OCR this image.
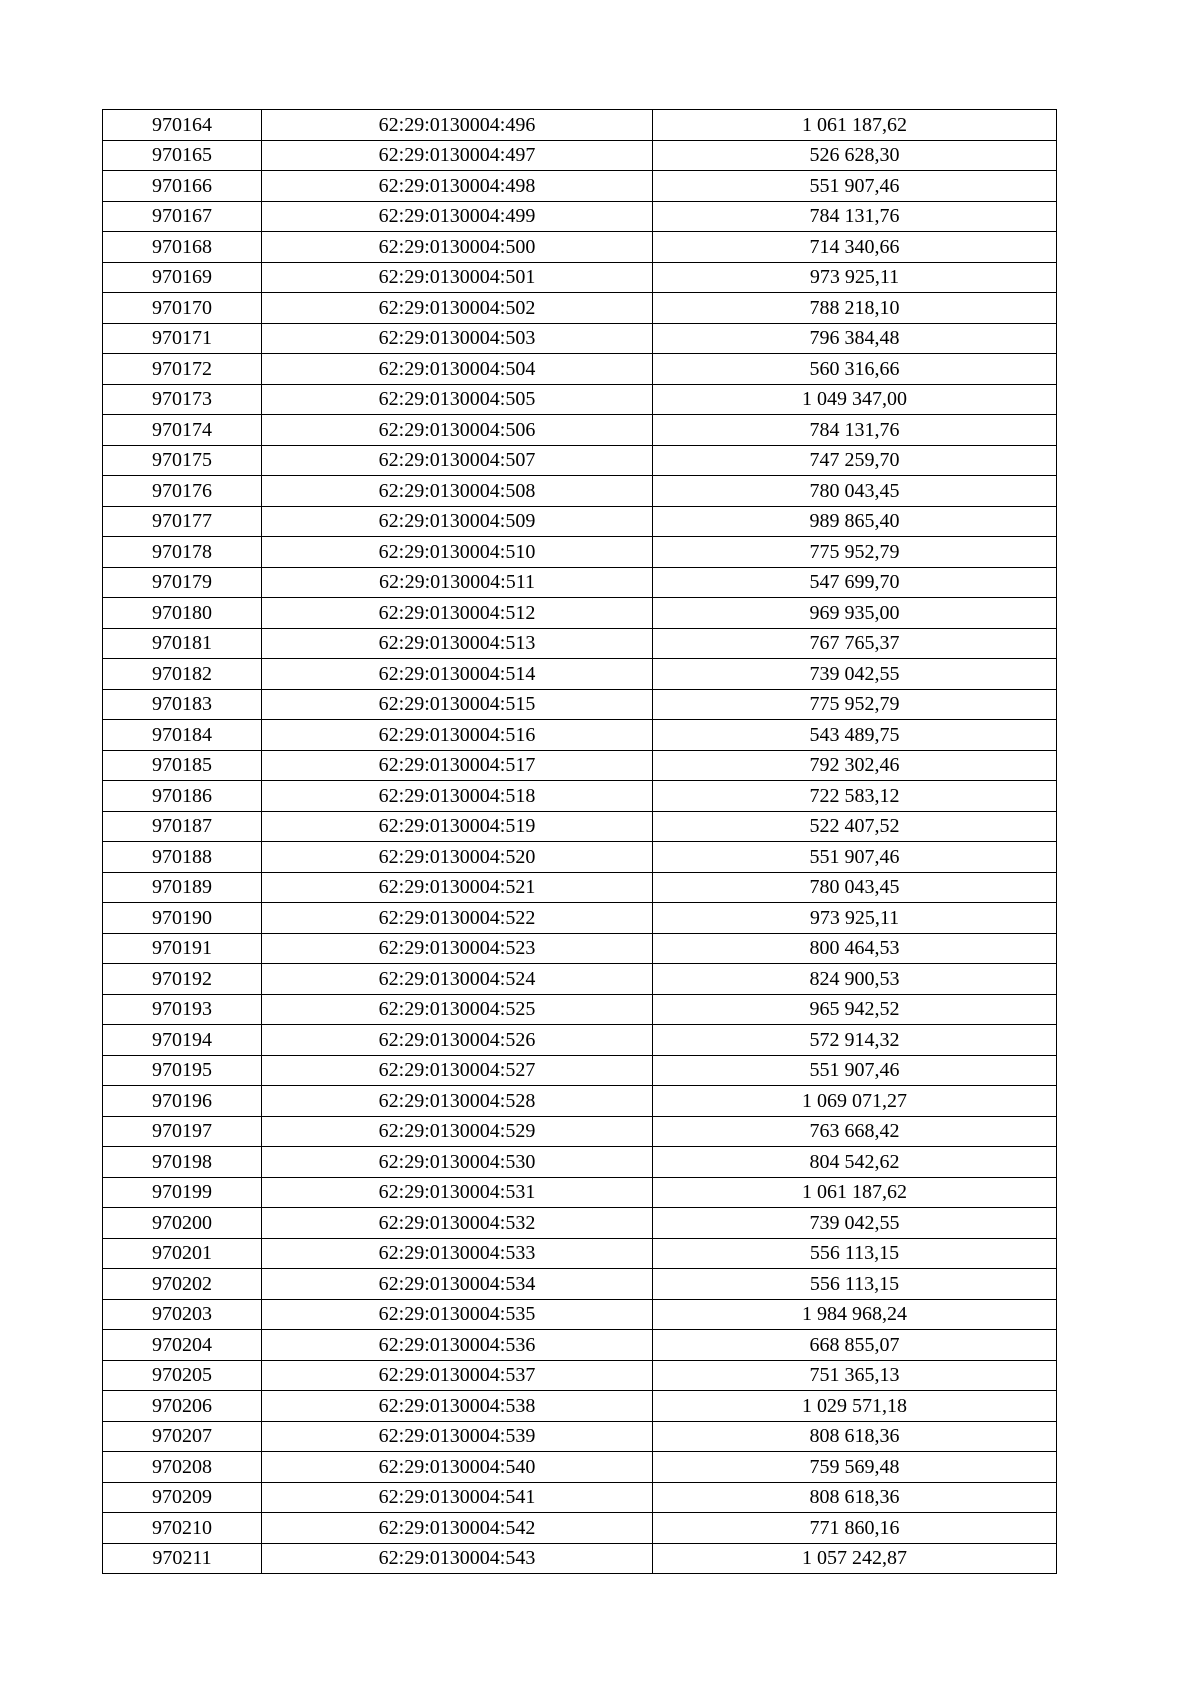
970164	62:29:0130004:496	1 061 187,62
970165	62:29:0130004:497	526 628,30
970166	62:29:0130004:498	551 907,46
970167	62:29:0130004:499	784 131,76
970168	62:29:0130004:500	714 340,66
970169	62:29:0130004:501	973 925,11
970170	62:29:0130004:502	788 218,10
970171	62:29:0130004:503	796 384,48
970172	62:29:0130004:504	560 316,66
970173	62:29:0130004:505	1 049 347,00
970174	62:29:0130004:506	784 131,76
970175	62:29:0130004:507	747 259,70
970176	62:29:0130004:508	780 043,45
970177	62:29:0130004:509	989 865,40
970178	62:29:0130004:510	775 952,79
970179	62:29:0130004:511	547 699,70
970180	62:29:0130004:512	969 935,00
970181	62:29:0130004:513	767 765,37
970182	62:29:0130004:514	739 042,55
970183	62:29:0130004:515	775 952,79
970184	62:29:0130004:516	543 489,75
970185	62:29:0130004:517	792 302,46
970186	62:29:0130004:518	722 583,12
970187	62:29:0130004:519	522 407,52
970188	62:29:0130004:520	551 907,46
970189	62:29:0130004:521	780 043,45
970190	62:29:0130004:522	973 925,11
970191	62:29:0130004:523	800 464,53
970192	62:29:0130004:524	824 900,53
970193	62:29:0130004:525	965 942,52
970194	62:29:0130004:526	572 914,32
970195	62:29:0130004:527	551 907,46
970196	62:29:0130004:528	1 069 071,27
970197	62:29:0130004:529	763 668,42
970198	62:29:0130004:530	804 542,62
970199	62:29:0130004:531	1 061 187,62
970200	62:29:0130004:532	739 042,55
970201	62:29:0130004:533	556 113,15
970202	62:29:0130004:534	556 113,15
970203	62:29:0130004:535	1 984 968,24
970204	62:29:0130004:536	668 855,07
970205	62:29:0130004:537	751 365,13
970206	62:29:0130004:538	1 029 571,18
970207	62:29:0130004:539	808 618,36
970208	62:29:0130004:540	759 569,48
970209	62:29:0130004:541	808 618,36
970210	62:29:0130004:542	771 860,16
970211	62:29:0130004:543	1 057 242,87
